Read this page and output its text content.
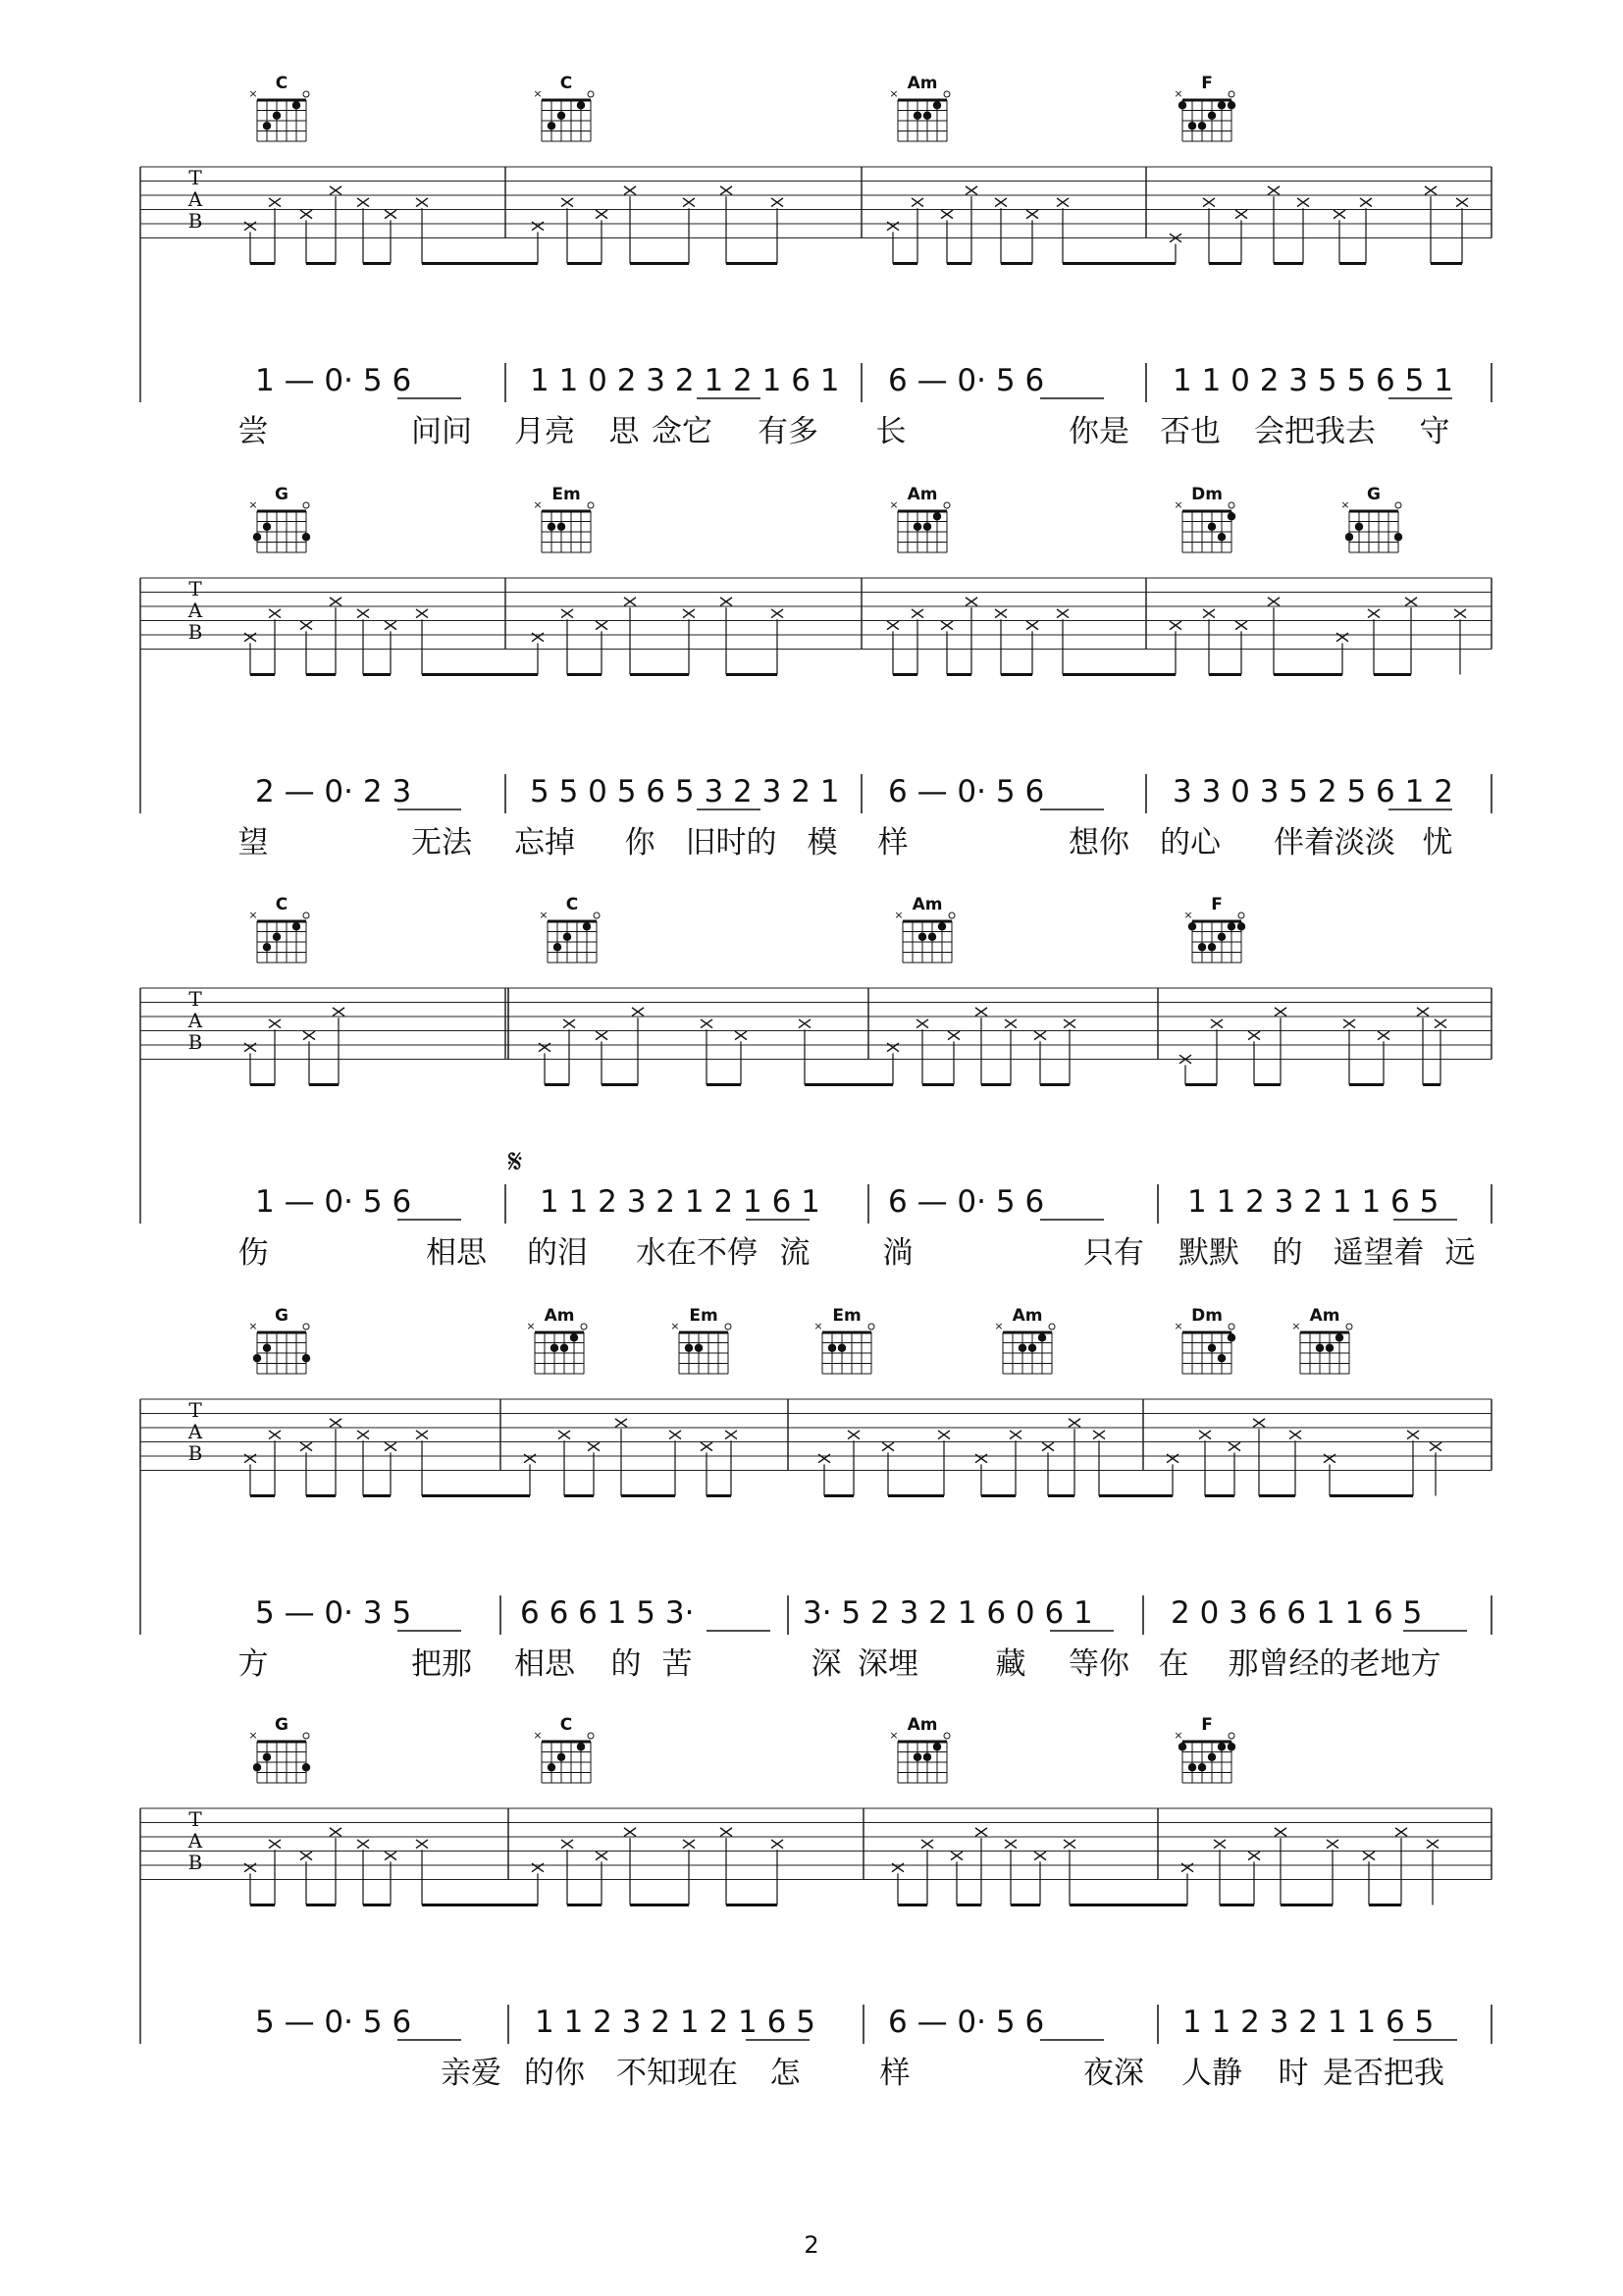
C
×
C
×
Am
×
F
×
T
A
B
1 — 0· 5 6	1 1 0 2 3 2 1 2 1 6 1 6 — 0· 5 6	1 1 0 2 3 5 5 6 5 1
尝	问问 月亮 思 念它 有多 长	你是 否也 会把我去 守
G
×
Em
×
Am
×
Dm
×
G
×
T
A
B
2 — 0· 2 3	5 5 0 5 6 5 3 2 3 2 1 6 — 0· 5 6	3 3 0 3 5 2 5 6 1 2
望	无法 忘掉 你 旧时的 模 样	想你 的心 伴着淡淡 忧
C
×
C
×
Am
×
F
×
T
A
B
1 — 0· 5 6	1 1 2 3 2 1 2 1 6 1 6 — 0· 5 6	1 1 2 3 2 1 1 6 5
伤	相思 的泪 水在不停 流 淌	只有 默默 的 遥望着 远
𝄋
G
×
Am
×
Em
×
Em
×
Am
×
Dm
×
Am
×
T
A
B
5 — 0· 3 5	6 6 6 1 5 3·	3· 5 2 3 2 1 6 0 6 1	2 0 3 6 6 1 1 6 5
方	把那 相思 的 苦	深 深埋	藏 等你 在 那曾经的老地方
G
×
C
×
Am
×
F
×
T
A
B
5 — 0· 5 6	1 1 2 3 2 1 2 1 6 5 6 — 0· 5 6	1 1 2 3 2 1 1 6 5
亲爱 的你 不知现在 怎	样	夜深 人静 时 是否把我
2
